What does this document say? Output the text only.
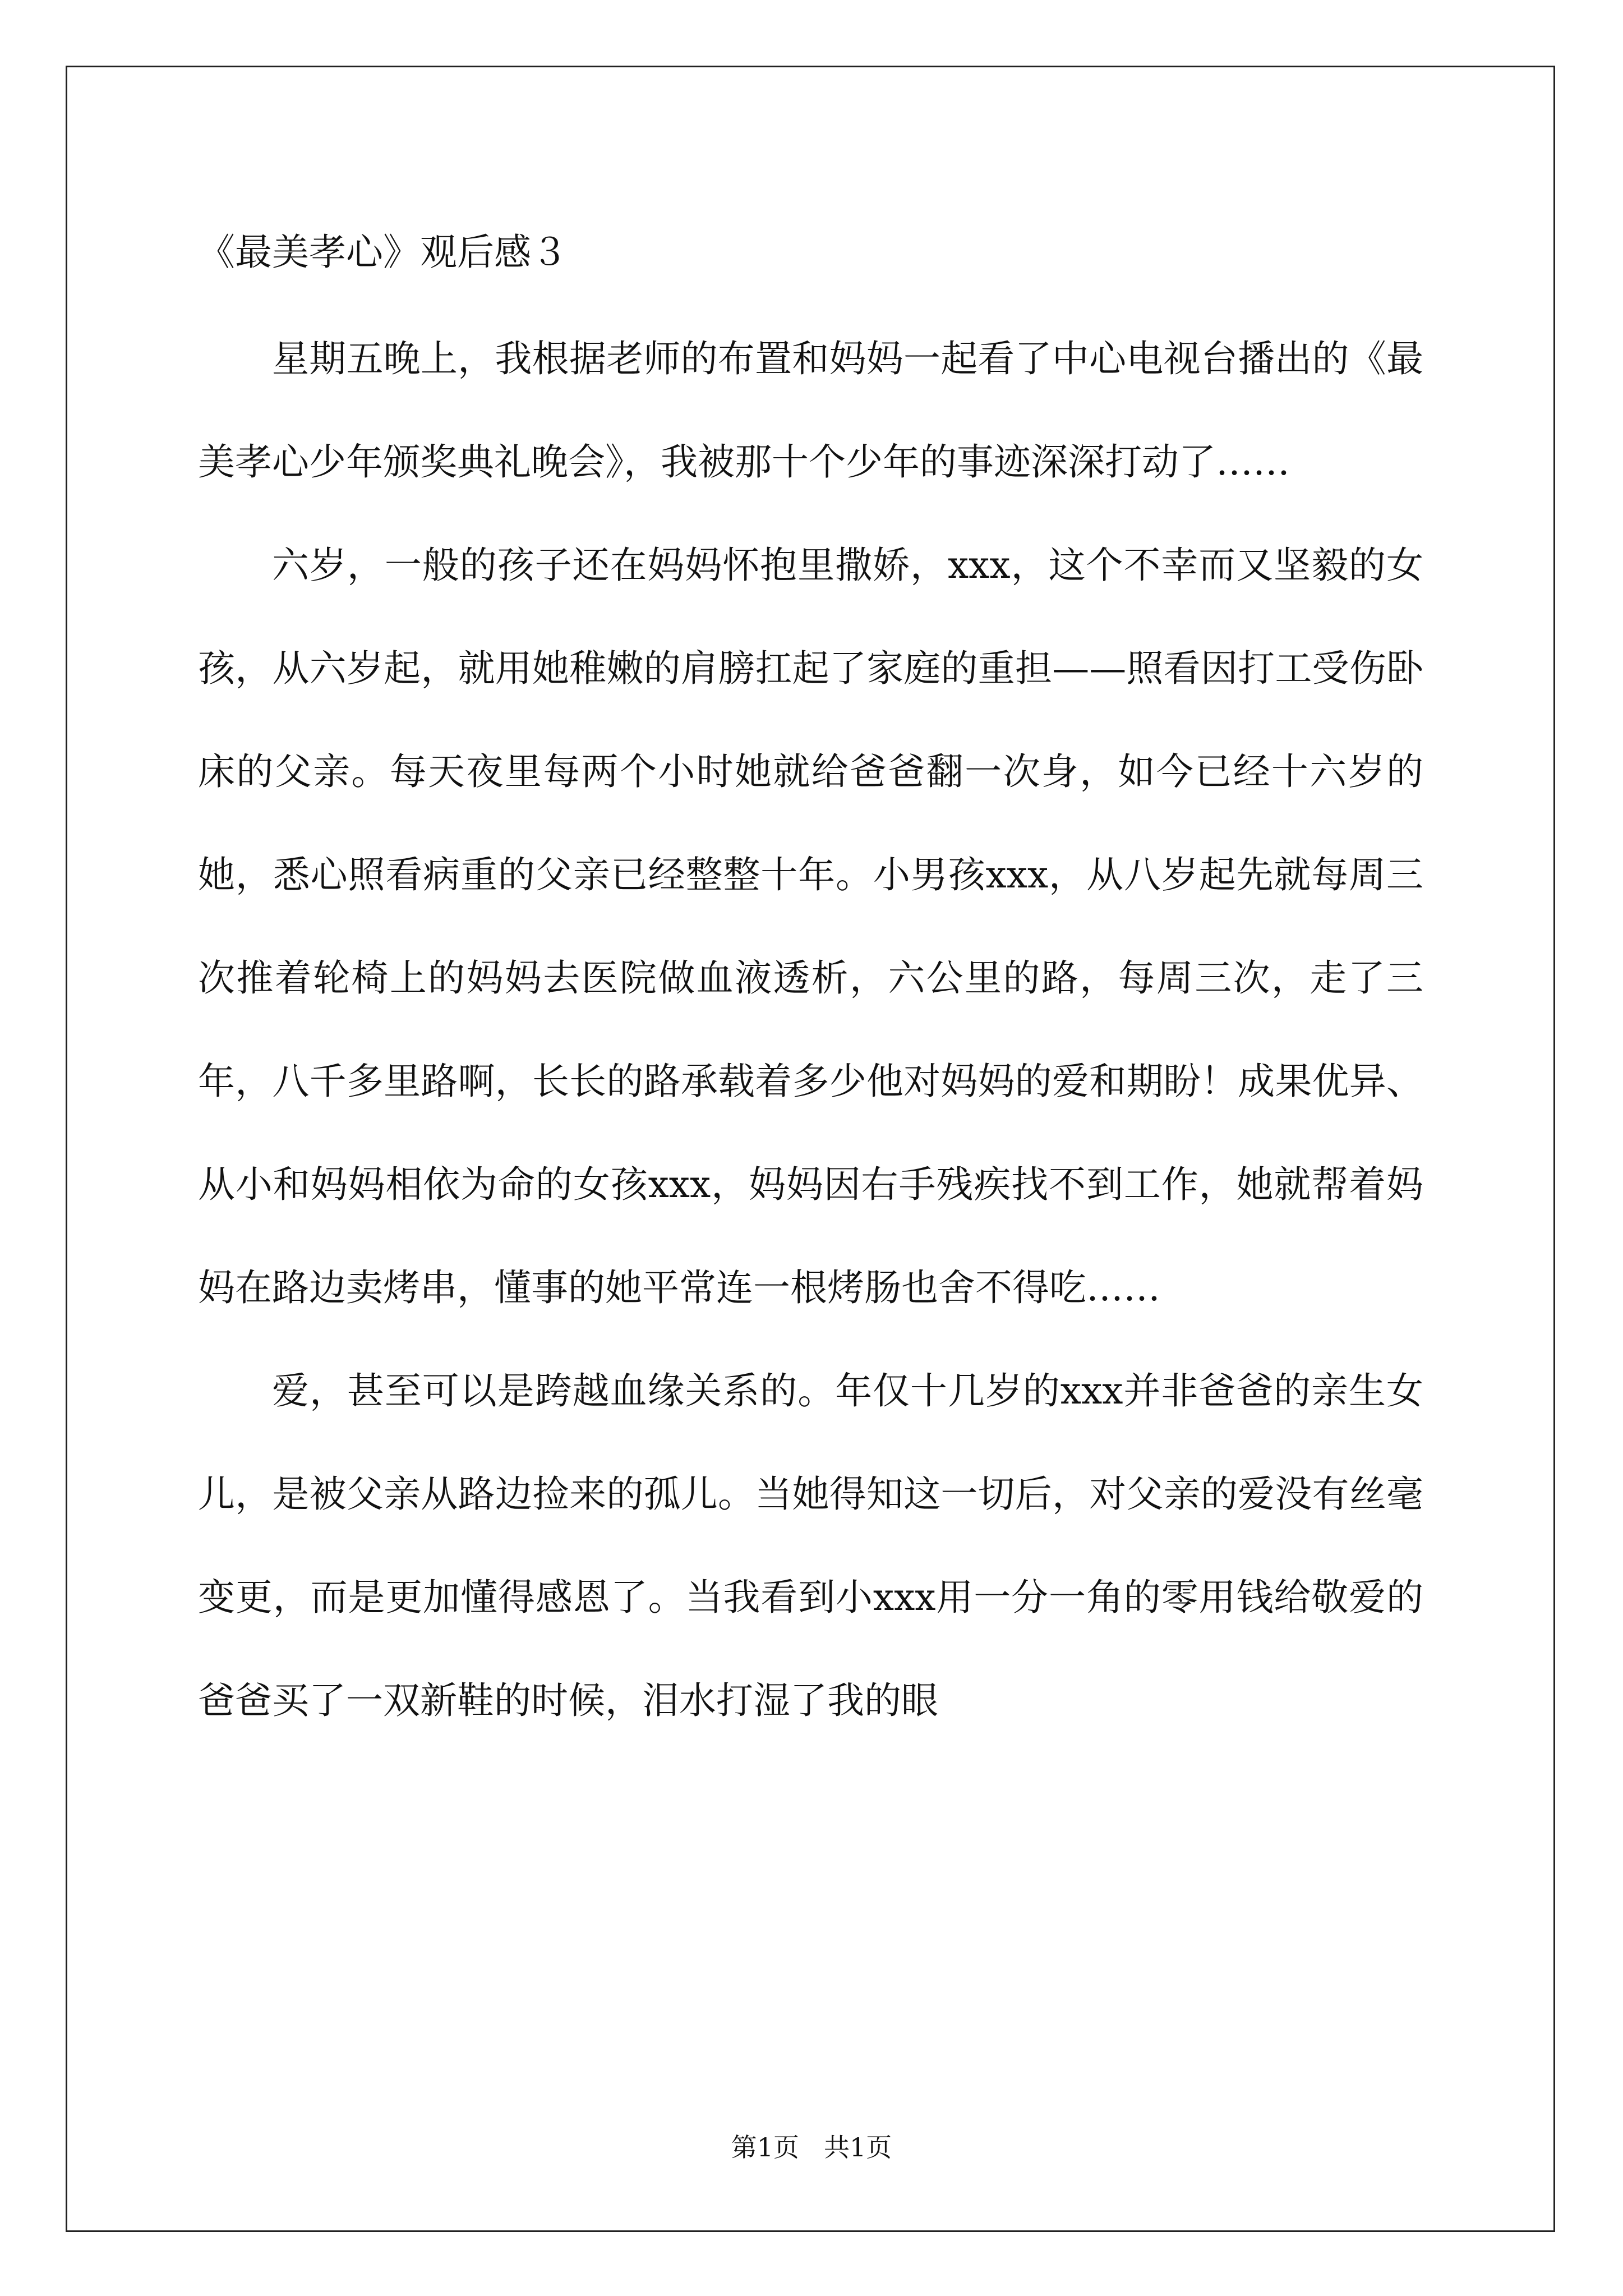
《最美孝心》观后感３

星期五晚上，我根据老师的布置和妈妈一起看了中心电视台播出的《最美孝心少年颁奖典礼晚会》，我被那十个少年的事迹深深打动了……

六岁，一般的孩子还在妈妈怀抱里撒娇，xxx，这个不幸而又坚毅的女孩，从六岁起，就用她稚嫩的肩膀扛起了家庭的重担——照看因打工受伤卧床的父亲。每天夜里每两个小时她就给爸爸翻一次身，如今已经十六岁的她，悉心照看病重的父亲已经整整十年。小男孩xxx，从八岁起先就每周三次推着轮椅上的妈妈去医院做血液透析，六公里的路，每周三次，走了三年，八千多里路啊，长长的路承载着多少他对妈妈的爱和期盼！成果优异、从小和妈妈相依为命的女孩xxx，妈妈因右手残疾找不到工作，她就帮着妈妈在路边卖烤串，懂事的她平常连一根烤肠也舍不得吃……

爱，甚至可以是跨越血缘关系的。年仅十几岁的xxx并非爸爸的亲生女儿，是被父亲从路边捡来的孤儿。当她得知这一切后，对父亲的爱没有丝毫变更，而是更加懂得感恩了。当我看到小xxx用一分一角的零用钱给敬爱的爸爸买了一双新鞋的时候，泪水打湿了我的眼

第1页 共1页
